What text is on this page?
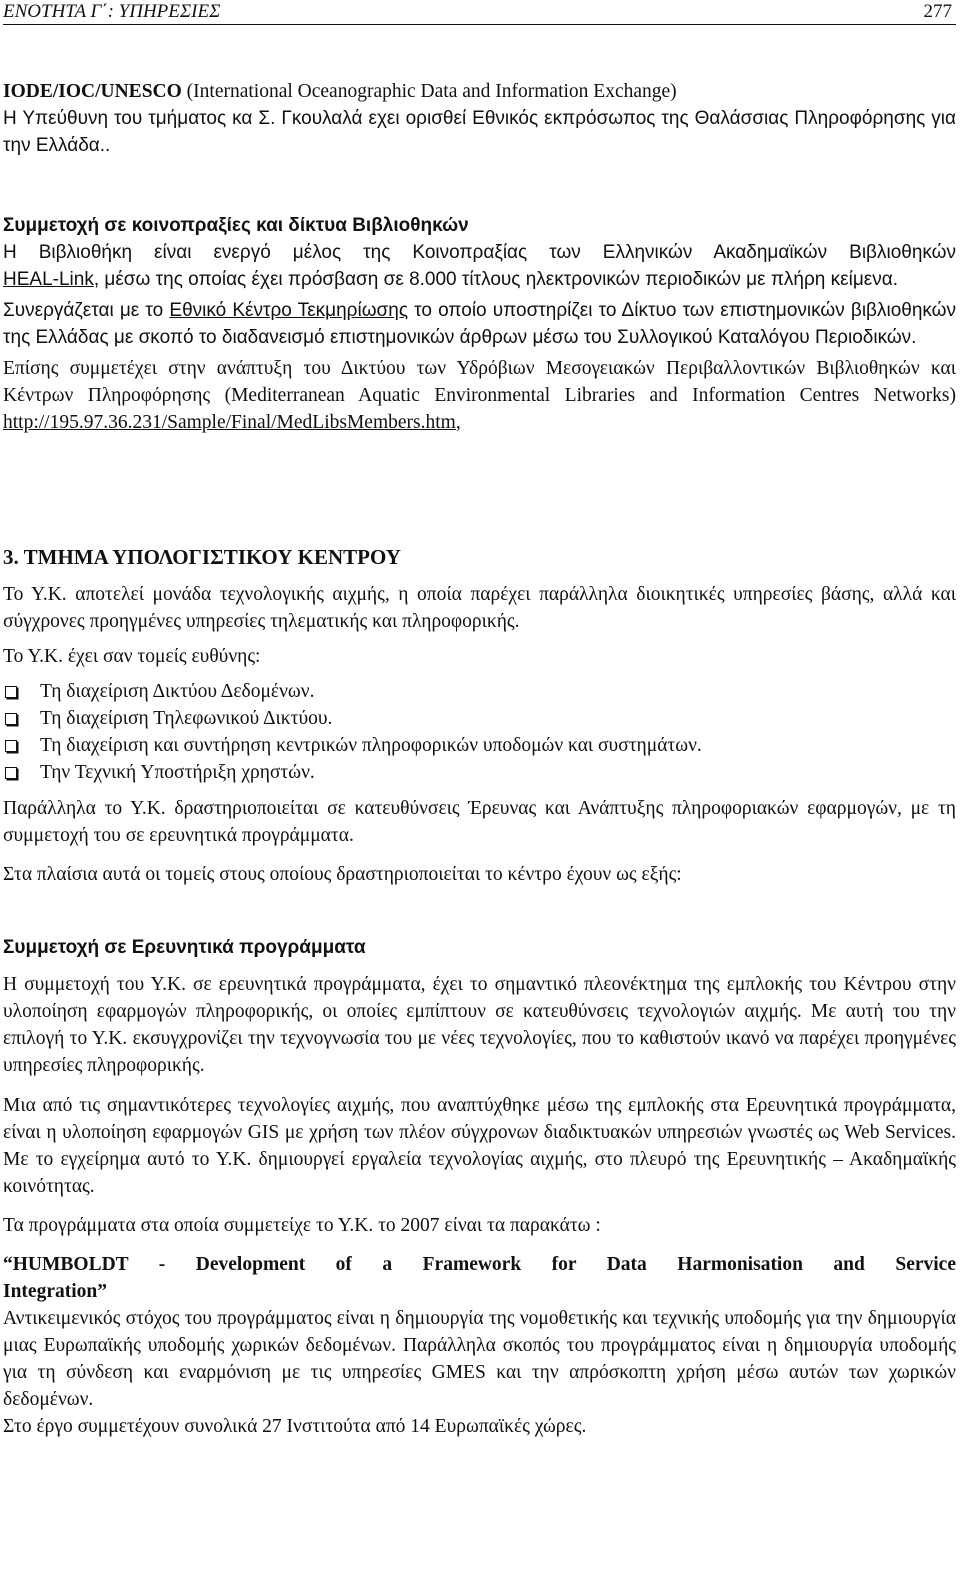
ΕΝΟΤΗΤΑ Γ΄: ΥΠΗΡΕΣΙΕΣ	277

IODE/IOC/UNESCO (International Oceanographic Data and Information Exchange)

Η Υπεύθυνη του τμήματος κα Σ. Γκουλαλά εχει ορισθεί Εθνικός εκπρόσωπος της Θαλάσσιας Πληροφόρησης για την Ελλάδα..

Συμμετοχή σε κοινοπραξίες και δίκτυα Βιβλιοθηκών

Η Βιβλιοθήκη είναι ενεργό μέλος της Κοινοπραξίας των Ελληνικών Ακαδημαϊκών Βιβλιοθηκών

HEAL-Link, μέσω της οποίας έχει πρόσβαση σε 8.000 τίτλους ηλεκτρονικών περιοδικών με πλήρη κείμενα.

Συνεργάζεται με το Εθνικό Κέντρο Τεκμηρίωσης το οποίο υποστηρίζει το Δίκτυο των επιστημονικών βιβλιοθηκών της Ελλάδας με σκοπό το διαδανεισμό επιστημονικών άρθρων μέσω του Συλλογικού Καταλόγου Περιοδικών.

Επίσης συμμετέχει στην ανάπτυξη του Δικτύου των Υδρόβιων Μεσογειακών Περιβαλλοντικών Βιβλιοθηκών και Κέντρων Πληροφόρησης (Mediterranean Aquatic Environmental Libraries and Information Centres Networks) http://195.97.36.231/Sample/Final/MedLibsMembers.htm,

3. ΤΜΗΜΑ ΥΠΟΛΟΓΙΣΤΙΚΟΥ ΚΕΝΤΡΟΥ

Το Υ.Κ. αποτελεί μονάδα τεχνολογικής αιχμής, η οποία παρέχει παράλληλα διοικητικές υπηρεσίες βάσης, αλλά και σύγχρονες προηγμένες υπηρεσίες τηλεματικής και πληροφορικής.

Το Υ.Κ. έχει σαν τομείς ευθύνης:

Τη διαχείριση Δικτύου Δεδομένων.
Τη διαχείριση Τηλεφωνικού Δικτύου.
Τη διαχείριση και συντήρηση κεντρικών πληροφορικών υποδομών και συστημάτων.
Την Τεχνική Υποστήριξη χρηστών.

Παράλληλα το Υ.Κ. δραστηριοποιείται σε κατευθύνσεις Έρευνας και Ανάπτυξης πληροφοριακών εφαρμογών, με τη συμμετοχή του σε ερευνητικά προγράμματα.

Στα πλαίσια αυτά οι τομείς στους οποίους δραστηριοποιείται το κέντρο έχουν ως εξής:

Συμμετοχή σε Ερευνητικά προγράμματα

Η συμμετοχή του Υ.Κ. σε ερευνητικά προγράμματα, έχει το σημαντικό πλεονέκτημα της εμπλοκής του Κέντρου στην υλοποίηση εφαρμογών πληροφορικής, οι οποίες εμπίπτουν σε κατευθύνσεις τεχνολογιών αιχμής. Με αυτή του την επιλογή το Υ.Κ. εκσυγχρονίζει την τεχνογνωσία του με νέες τεχνολογίες, που το καθιστούν ικανό να παρέχει προηγμένες υπηρεσίες πληροφορικής.

Μια από τις σημαντικότερες τεχνολογίες αιχμής, που αναπτύχθηκε μέσω της εμπλοκής στα Ερευνητικά προγράμματα, είναι η υλοποίηση εφαρμογών GIS με χρήση των πλέον σύγχρονων διαδικτυακών υπηρεσιών γνωστές ως Web Services. Με το εγχείρημα αυτό το Υ.Κ. δημιουργεί εργαλεία τεχνολογίας αιχμής, στο πλευρό της Ερευνητικής – Ακαδημαϊκής κοινότητας.

Τα προγράμματα στα οποία συμμετείχε το Υ.Κ. το 2007 είναι τα παρακάτω :

“HUMBOLDT - Development of a Framework for Data Harmonisation and Service

Integration”

Αντικειμενικός στόχος του προγράμματος είναι η δημιουργία της νομοθετικής και τεχνικής υποδομής για την δημιουργία μιας Ευρωπαϊκής υποδομής χωρικών δεδομένων. Παράλληλα σκοπός του προγράμματος είναι η δημιουργία υποδομής για τη σύνδεση και εναρμόνιση με τις υπηρεσίες GMES και την απρόσκοπτη χρήση μέσω αυτών των χωρικών δεδομένων.

Στο έργο συμμετέχουν συνολικά 27 Ινστιτούτα από 14 Ευρωπαϊκές χώρες.
